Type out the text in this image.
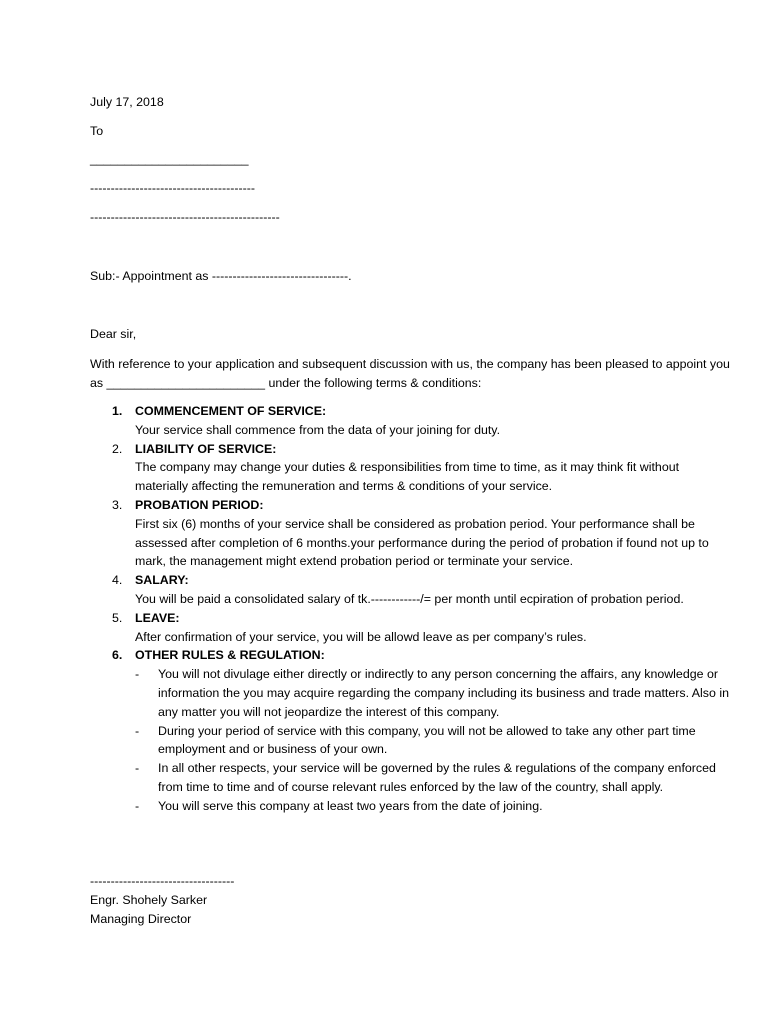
July 17, 2018

To

_______________________

----------------------------------------

----------------------------------------------

Sub:- Appointment as ---------------------------------.

Dear sir,

With reference to your application and subsequent discussion with us, the company has been pleased to appoint you as _______________________ under the following terms & conditions:

1.	COMMENCEMENT OF SERVICE:
Your service shall commence from the data of your joining for duty.
2.	LIABILITY OF SERVICE:
The company may change your duties & responsibilities from time to time, as it may think fit without materially affecting the remuneration and terms & conditions of your service.
3.	PROBATION PERIOD:
First six (6) months of your service shall be considered as probation period. Your performance shall be assessed after completion of 6 months.your performance during the period of probation if found not up to mark, the management might extend probation period or terminate your service.
4.	SALARY:
You will be paid a consolidated salary of tk.------------/= per month until ecpiration of probation period.
5.	LEAVE:
After confirmation of your service, you will be allowd leave as per company’s rules.
6.	OTHER RULES & REGULATION:
- You will not divulage either directly or indirectly to any person concerning the affairs, any knowledge or information the you may acquire regarding the company including its business and trade matters. Also in any matter you will not jeopardize the interest of this company.
- During your period of service with this company, you will not be allowed to take any other part time employment and or business of your own.
- In all other respects, your service will be governed by the rules & regulations of the company enforced from time to time and of course relevant rules enforced by the law of the country, shall apply.
- You will serve this company at least two years from the date of joining.

-----------------------------------

Engr. Shohely Sarker

Managing Director
